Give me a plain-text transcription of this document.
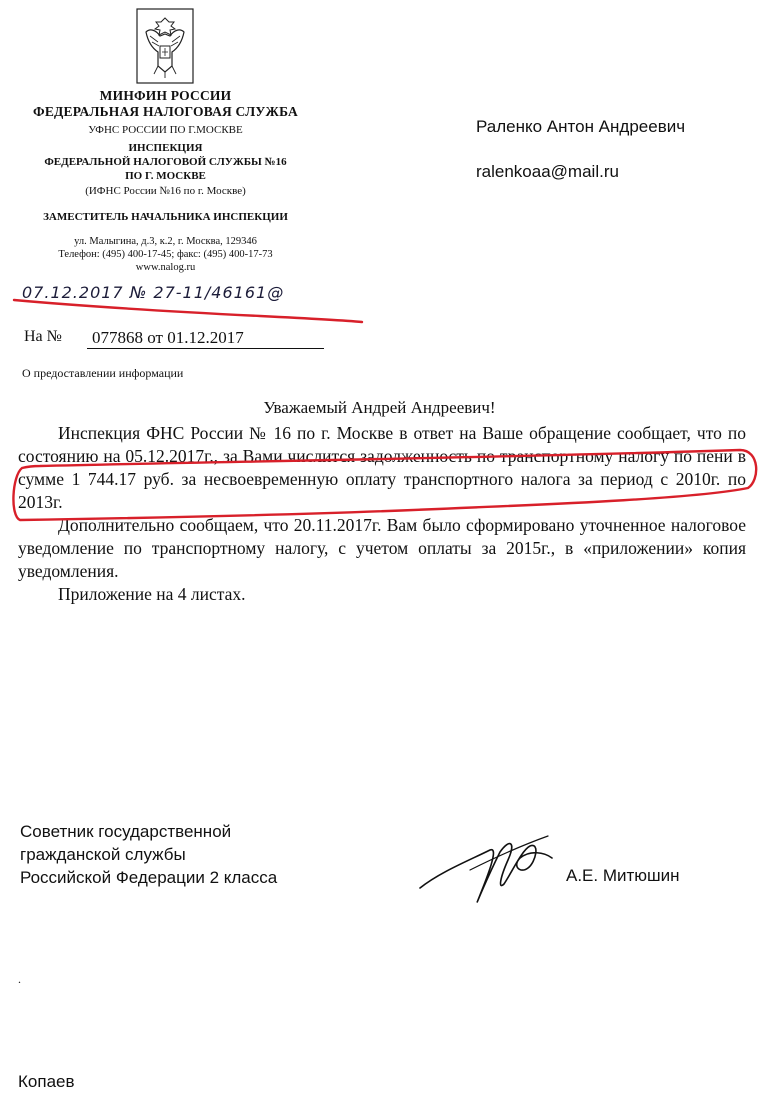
МИНФИН РОССИИ
ФЕДЕРАЛЬНАЯ НАЛОГОВАЯ СЛУЖБА
УФНС РОССИИ ПО Г.МОСКВЕ
ИНСПЕКЦИЯ
ФЕДЕРАЛЬНОЙ НАЛОГОВОЙ СЛУЖБЫ №16
ПО Г. МОСКВЕ
(ИФНС России №16 по г. Москве)
ЗАМЕСТИТЕЛЬ НАЧАЛЬНИКА ИНСПЕКЦИИ
ул. Малыгина, д.3, к.2, г. Москва, 129346
Телефон: (495) 400-17-45; факс: (495) 400-17-73
www.nalog.ru
Раленко Антон Андреевич
ralenkoaa@mail.ru
07.12.2017 № 27-11/46161@
На № 077868 от 01.12.2017
О предоставлении информации
Уважаемый Андрей Андреевич!

Инспекция ФНС России № 16 по г. Москве в ответ на Ваше обращение сообщает, что по состоянию на 05.12.2017г., за Вами числится задолженность по транспортному налогу по пени в сумме 1 744.17 руб. за несвоевременную оплату транспортного налога за период с 2010г. по 2013г.

Дополнительно сообщаем, что 20.11.2017г. Вам было сформировано уточненное налоговое уведомление по транспортному налогу, с учетом оплаты за 2015г., в «приложении» копия уведомления.

Приложение на 4 листах.

Советник государственной
гражданской службы
Российской Федерации 2 класса	А.Е. Митюшин
.
Копаев
